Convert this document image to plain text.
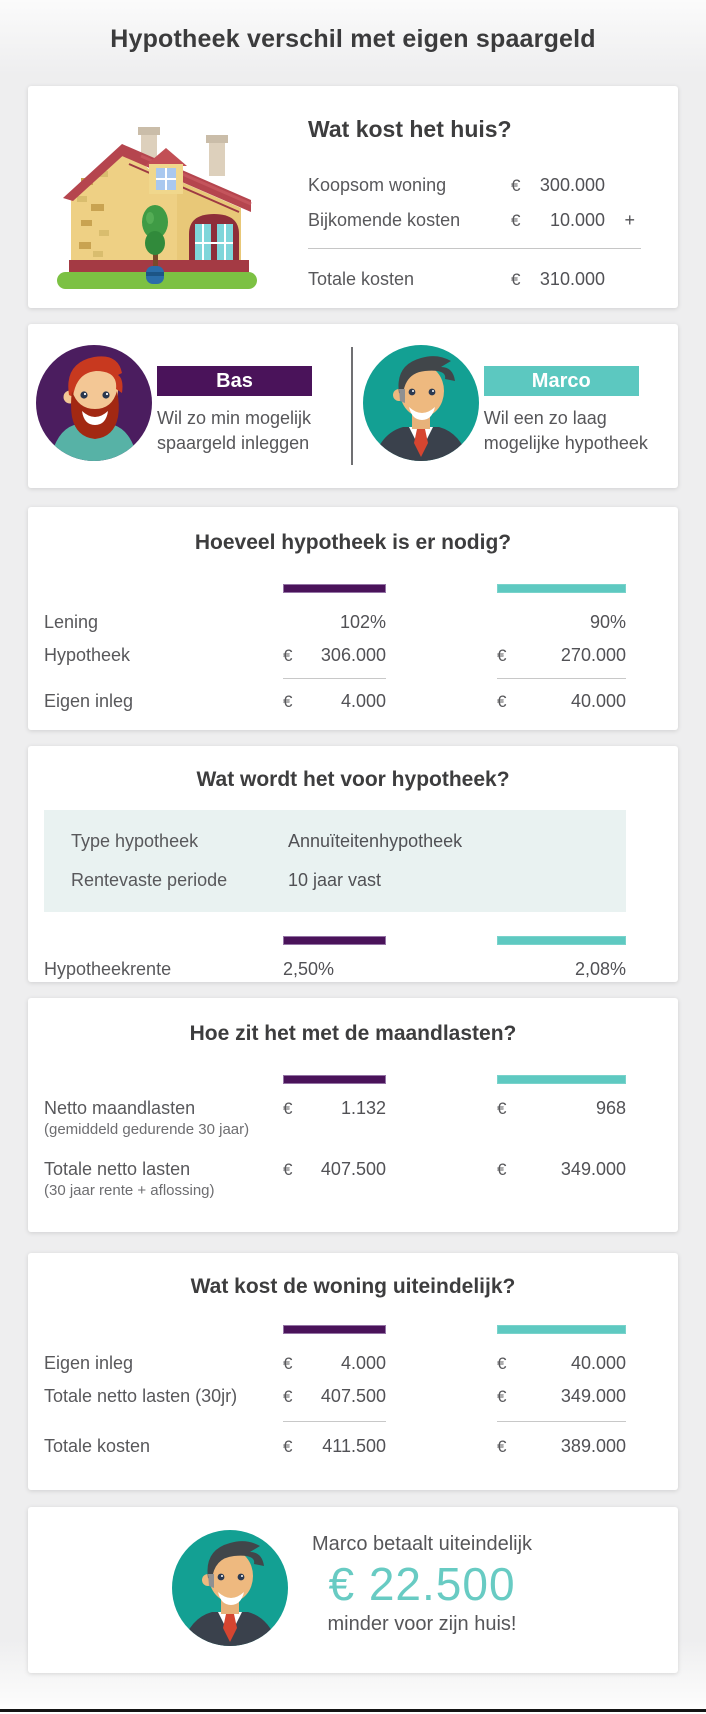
Hypotheek verschil met eigen spaargeld
Wat kost het huis?
Koopsom woning	€ 300.000
Bijkomende kosten	€ 10.000	+
Totale kosten	€ 310.000
Bas
Wil zo min mogelijk
spaargeld inleggen
Marco
Wil een zo laag
mogelijke hypotheek
Hoeveel hypotheek is er nodig?
Lening	102%	90%
Hypotheek	€ 306.000	€	270.000
Eigen inleg	€	4.000	€	40.000
Wat wordt het voor hypotheek?
Type hypotheek	Annuïteitenhypotheek
Rentevaste periode	10 jaar vast
Hypotheekrente	2,50%	2,08%
Hoe zit het met de maandlasten?
Netto maandlasten
(gemiddeld gedurende 30 jaar)
€	1.132	€	968
Totale netto lasten
(30 jaar rente + aflossing)
€ 407.500	€	349.000
Wat kost de woning uiteindelijk?
Eigen inleg	€	4.000	€	40.000
Totale netto lasten (30jr)	€ 407.500	€	349.000
Totale kosten	€ 411.500	€	389.000
Marco betaalt uiteindelijk
€ 22.500
minder voor zijn huis!
